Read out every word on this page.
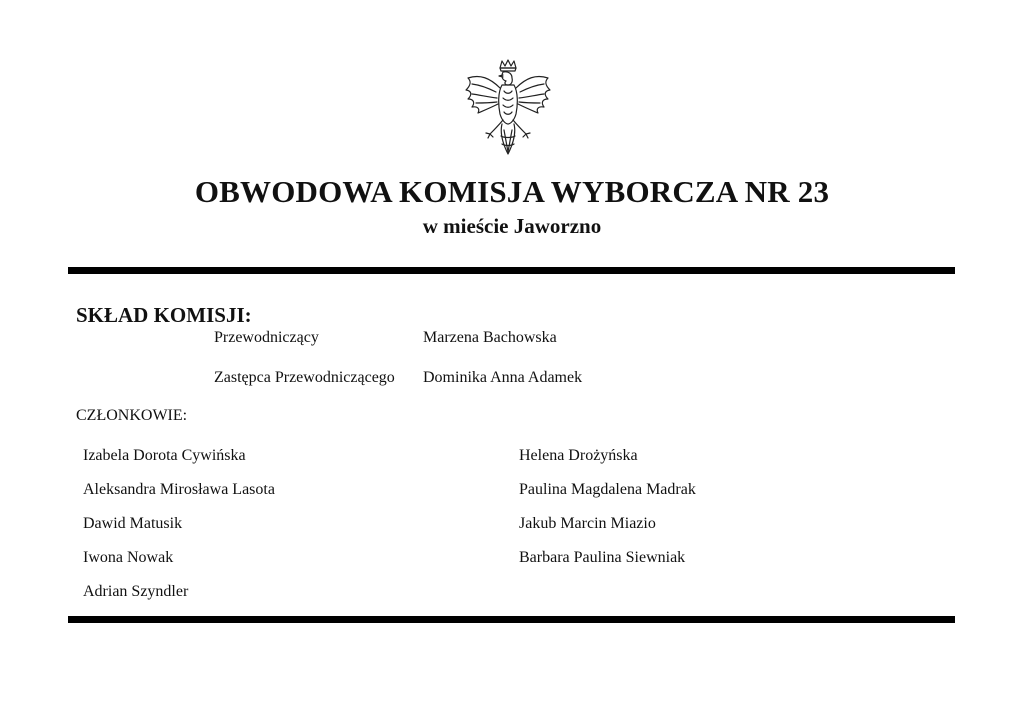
OBWODOWA KOMISJA WYBORCZA NR 23
w mieście Jaworzno
SKŁAD KOMISJI:
Przewodniczący	Marzena Bachowska
Zastępca Przewodniczącego Dominika Anna Adamek
CZŁONKOWIE:
Izabela Dorota Cywińska
Aleksandra Mirosława Lasota
Dawid Matusik
Iwona Nowak
Adrian Szyndler
Helena Drożyńska
Paulina Magdalena Madrak
Jakub Marcin Miazio
Barbara Paulina Siewniak
